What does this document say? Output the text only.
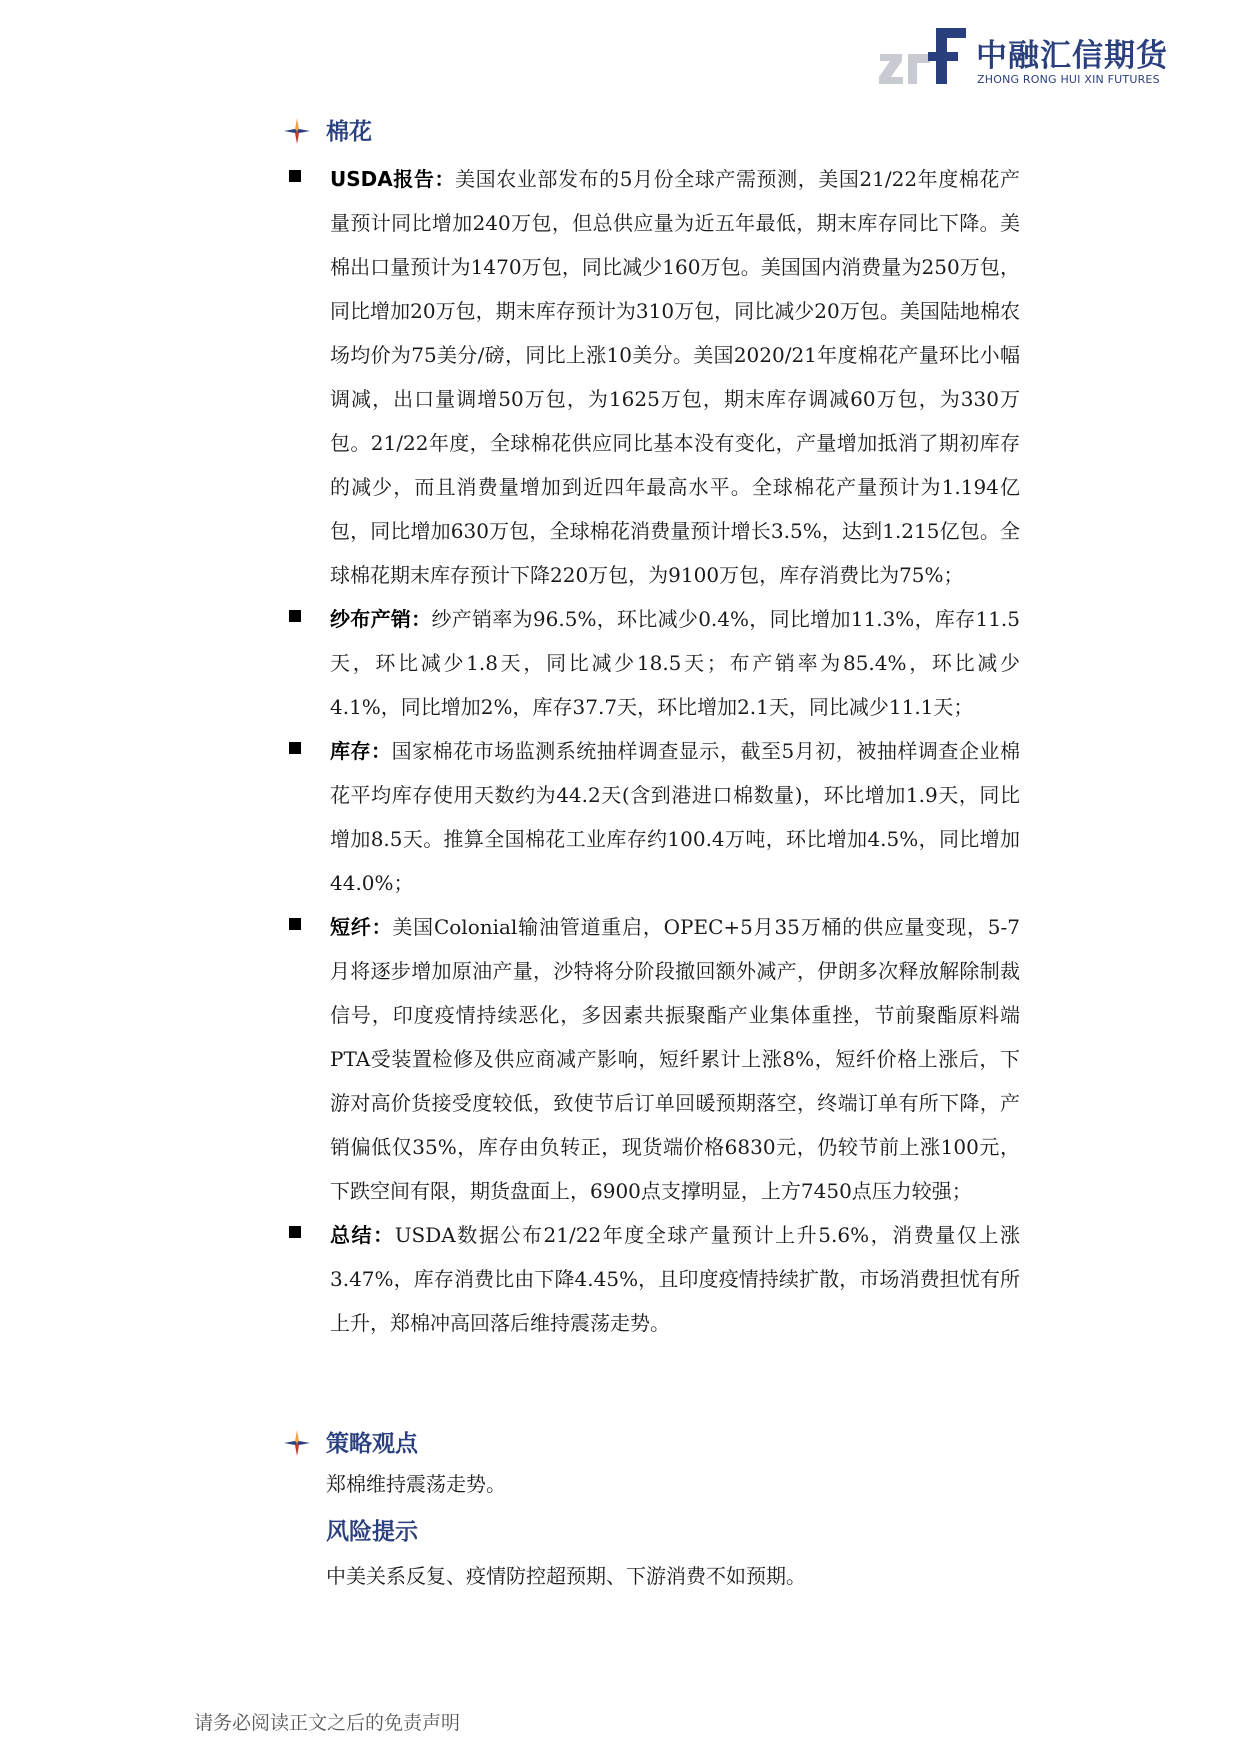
中融汇信期货
ZHONG RONG HUI XIN FUTURES
棉花
USDA报告：美国农业部发布的5月份全球产需预测，美国21/22年度棉花产量预计同比增加240万包，但总供应量为近五年最低，期末库存同比下降。美棉出口量预计为1470万包，同比减少160万包。美国国内消费量为250万包，同比增加20万包，期末库存预计为310万包，同比减少20万包。美国陆地棉农场均价为75美分/磅，同比上涨10美分。美国2020/21年度棉花产量环比小幅调减，出口量调增50万包，为1625万包，期末库存调减60万包，为330万包。21/22年度，全球棉花供应同比基本没有变化，产量增加抵消了期初库存的减少，而且消费量增加到近四年最高水平。全球棉花产量预计为1.194亿包，同比增加630万包，全球棉花消费量预计增长3.5%，达到1.215亿包。全球棉花期末库存预计下降220万包，为9100万包，库存消费比为75%；
纱布产销：纱产销率为96.5%，环比减少0.4%，同比增加11.3%，库存11.5天，环比减少1.8天，同比减少18.5天；布产销率为85.4%，环比减少4.1%，同比增加2%，库存37.7天，环比增加2.1天，同比减少11.1天；
库存：国家棉花市场监测系统抽样调查显示，截至5月初，被抽样调查企业棉花平均库存使用天数约为44.2天(含到港进口棉数量)，环比增加1.9天，同比增加8.5天。推算全国棉花工业库存约100.4万吨，环比增加4.5%，同比增加44.0%；
短纤：美国Colonial输油管道重启，OPEC+5月35万桶的供应量变现，5-7月将逐步增加原油产量，沙特将分阶段撤回额外减产，伊朗多次释放解除制裁信号，印度疫情持续恶化，多因素共振聚酯产业集体重挫，节前聚酯原料端PTA受装置检修及供应商减产影响，短纤累计上涨8%，短纤价格上涨后，下游对高价货接受度较低，致使节后订单回暖预期落空，终端订单有所下降，产销偏低仅35%，库存由负转正，现货端价格6830元，仍较节前上涨100元，下跌空间有限，期货盘面上，6900点支撑明显，上方7450点压力较强；
总结：USDA数据公布21/22年度全球产量预计上升5.6%，消费量仅上涨3.47%，库存消费比由下降4.45%，且印度疫情持续扩散，市场消费担忧有所上升，郑棉冲高回落后维持震荡走势。
策略观点
郑棉维持震荡走势。
风险提示
中美关系反复、疫情防控超预期、下游消费不如预期。
请务必阅读正文之后的免责声明
